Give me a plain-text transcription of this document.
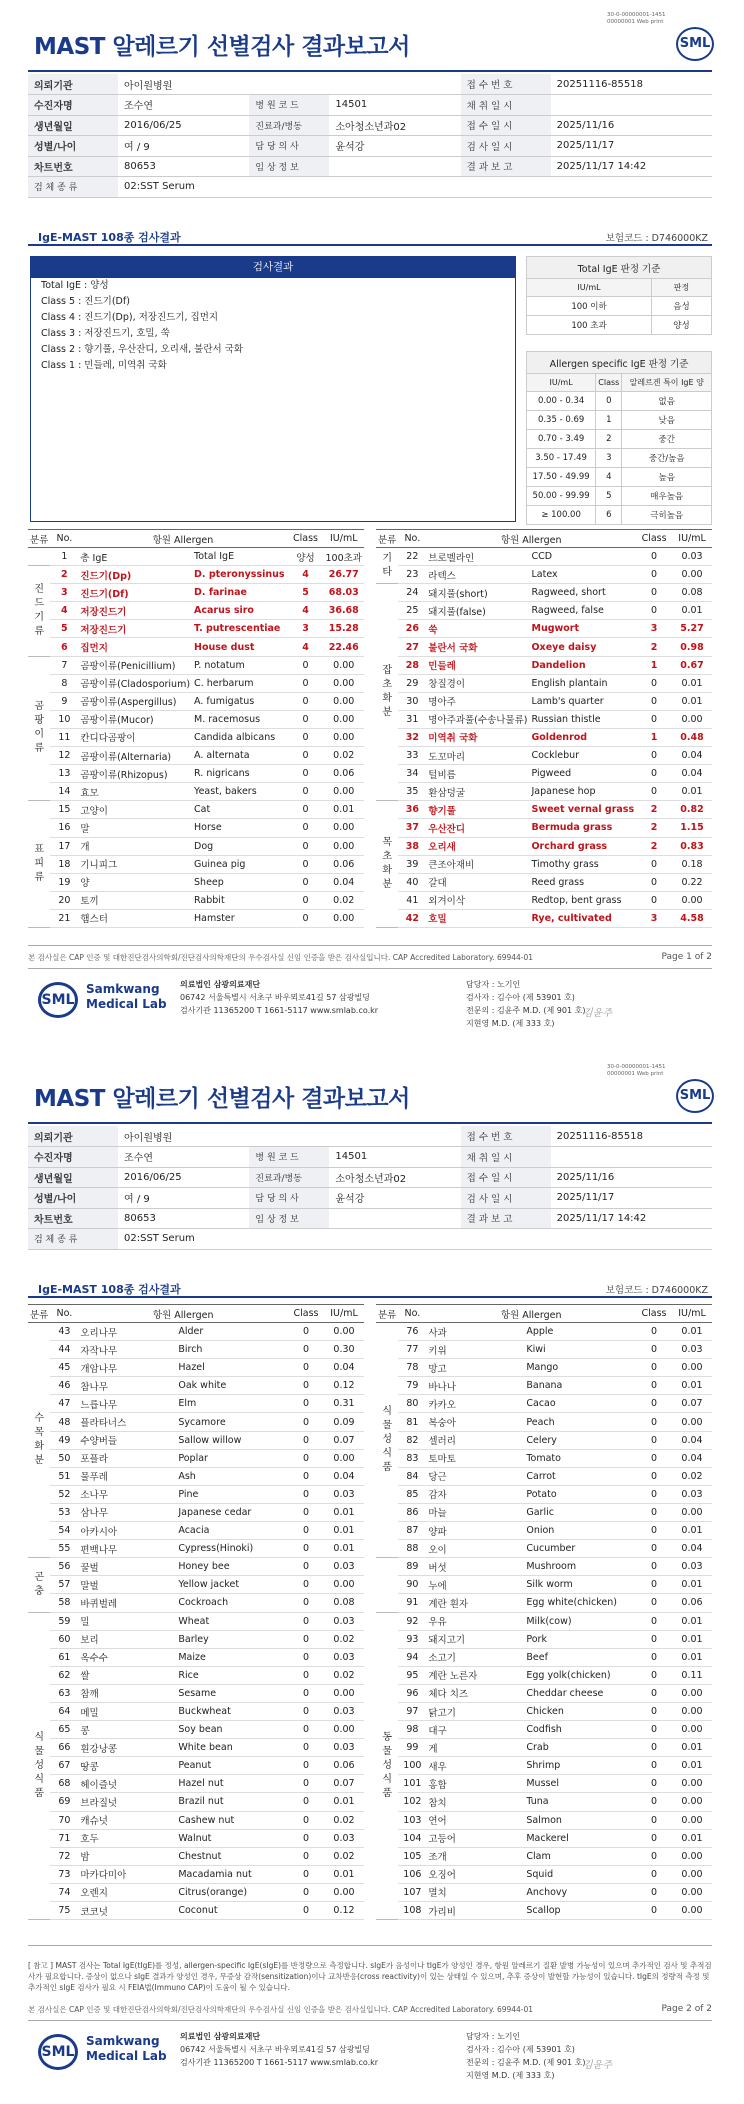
30-0-00000001-1451
00000001 Web print
MAST 알레르기 선별검사 결과보고서	SML
의뢰기관	아이원병원			접 수 번 호	20251116-85518
수진자명	조수연	병 원 코 드	14501	채 취 일 시	
생년월일	2016/06/25	진료과/병동	소아청소년과02	접 수 일 시	2025/11/16
성별/나이	여 / 9	담 당 의 사	윤석강	검 사 일 시	2025/11/17
차트번호	80653	임 상 정 보		결 과 보 고	2025/11/17 14:42
검 체 종 류	02:SST Serum				
IgE-MAST 108종 검사결과	보험코드 : D746000KZ
검사결과
Total IgE : 양성
Class 5 : 진드기(Df)
Class 4 : 진드기(Dp), 저장진드기, 집먼지
Class 3 : 저장진드기, 호밀, 쑥
Class 2 : 향기풀, 우산잔디, 오리새, 불란서 국화
Class 1 : 민들레, 미역취 국화
Total IgE 판정 기준	
IU/mL	판정
100 이하	음성
100 초과	양성
Allergen specific IgE 판정 기준		
IU/mL	Class	알레르겐 특이 IgE 양
0.00 - 0.34	0	없음
0.35 - 0.69	1	낮음
0.70 - 3.49	2	중간
3.50 - 17.49	3	중간/높음
17.50 - 49.99	4	높음
50.00 - 99.99	5	매우높음
≥ 100.00	6	극히높음
분류	No.	항원 Allergen		Class	IU/mL
	1	총 IgE	Total IgE	양성	100초과

진
드
기
류	2	진드기(Dp)	D. pteronyssinus	4	26.77
	3	진드기(Df)	D. farinae	5	68.03
	4	저장진드기	Acarus siro	4	36.68
	5	저장진드기	T. putrescentiae	3	15.28
	6	집먼지	House dust	4	22.46

곰
팡
이
류	7	곰팡이류(Penicillium)	P. notatum	0	0.00
	8	곰팡이류(Cladosporium)	C. herbarum	0	0.00
	9	곰팡이류(Aspergillus)	A. fumigatus	0	0.00
	10	곰팡이류(Mucor)	M. racemosus	0	0.00
	11	칸디다곰팡이	Candida albicans	0	0.00
	12	곰팡이류(Alternaria)	A. alternata	0	0.02
	13	곰팡이류(Rhizopus)	R. nigricans	0	0.06
	14	효모	Yeast, bakers	0	0.00

표
피
류	15	고양이	Cat	0	0.01
	16	말	Horse	0	0.00
	17	개	Dog	0	0.00
	18	기니피그	Guinea pig	0	0.06
	19	양	Sheep	0	0.04
	20	토끼	Rabbit	0	0.02
	21	햄스터	Hamster	0	0.00
분류	No.	항원 Allergen		Class	IU/mL

기
타	22	브로멜라인	CCD	0	0.03
	23	라텍스	Latex	0	0.00

잡
초
화
분	24	돼지풀(short)	Ragweed, short	0	0.08
	25	돼지풀(false)	Ragweed, false	0	0.01
	26	쑥	Mugwort	3	5.27
	27	불란서 국화	Oxeye daisy	2	0.98
	28	민들레	Dandelion	1	0.67
	29	창질경이	English plantain	0	0.01
	30	명아주	Lamb's quarter	0	0.01
	31	명아주과풀(수송나물류)	Russian thistle	0	0.00
	32	미역취 국화	Goldenrod	1	0.48
	33	도꼬마리	Cocklebur	0	0.04
	34	털비름	Pigweed	0	0.04
	35	환삼덩굴	Japanese hop	0	0.01

목
초
화
분	36	향기풀	Sweet vernal grass	2	0.82
	37	우산잔디	Bermuda grass	2	1.15
	38	오리새	Orchard grass	2	0.83
	39	큰조아재비	Timothy grass	0	0.18
	40	갈대	Reed grass	0	0.22
	41	외겨이삭	Redtop, bent grass	0	0.00
	42	호밀	Rye, cultivated	3	4.58
본 검사실은 CAP 인증 및 대한진단검사의학회/진단검사의학재단의 우수검사실 신임 인증을 받은 검사실입니다. CAP Accredited Laboratory. 69944-01	Page 1 of 2
SML
Samkwang
Medical Lab
의료법인 삼광의료재단
06742 서울특별시 서초구 바우뫼로41길 57 삼광빌딩
검사기관 11365200 T 1661-5117 www.smlab.co.kr
담당자 : 노기인
검사자 : 김수아 (제 53901 호)
전문의 : 김윤주 M.D. (제 901 호)
지현영 M.D. (제 333 호)
김윤주
30-0-00000001-1451
00000001 Web print
MAST 알레르기 선별검사 결과보고서	SML
의뢰기관	아이원병원			접 수 번 호	20251116-85518
수진자명	조수연	병 원 코 드	14501	채 취 일 시	
생년월일	2016/06/25	진료과/병동	소아청소년과02	접 수 일 시	2025/11/16
성별/나이	여 / 9	담 당 의 사	윤석강	검 사 일 시	2025/11/17
차트번호	80653	임 상 정 보		결 과 보 고	2025/11/17 14:42
검 체 종 류	02:SST Serum				
IgE-MAST 108종 검사결과	보험코드 : D746000KZ
분류	No.	항원 Allergen		Class	IU/mL

수
목
화
분	43	오리나무	Alder	0	0.00
	44	자작나무	Birch	0	0.30
	45	개암나무	Hazel	0	0.04
	46	참나무	Oak white	0	0.12
	47	느릅나무	Elm	0	0.31
	48	플라타너스	Sycamore	0	0.09
	49	수양버들	Sallow willow	0	0.07
	50	포플라	Poplar	0	0.00
	51	물푸레	Ash	0	0.04
	52	소나무	Pine	0	0.03
	53	삼나무	Japanese cedar	0	0.01
	54	아카시아	Acacia	0	0.01
	55	편백나무	Cypress(Hinoki)	0	0.01

곤
충	56	꿀벌	Honey bee	0	0.03
	57	말벌	Yellow jacket	0	0.00
	58	바퀴벌레	Cockroach	0	0.08

식
물
성
식
품	59	밀	Wheat	0	0.03
	60	보리	Barley	0	0.02
	61	옥수수	Maize	0	0.03
	62	쌀	Rice	0	0.02
	63	참깨	Sesame	0	0.00
	64	메밀	Buckwheat	0	0.03
	65	콩	Soy bean	0	0.00
	66	흰강낭콩	White bean	0	0.03
	67	땅콩	Peanut	0	0.06
	68	헤이즐넛	Hazel nut	0	0.07
	69	브라질넛	Brazil nut	0	0.01
	70	캐슈넛	Cashew nut	0	0.02
	71	호두	Walnut	0	0.03
	72	밤	Chestnut	0	0.02
	73	마카다미아	Macadamia nut	0	0.01
	74	오렌지	Citrus(orange)	0	0.00
	75	코코넛	Coconut	0	0.12
분류	No.	항원 Allergen		Class	IU/mL

식
물
성
식
품	76	사과	Apple	0	0.01
	77	키위	Kiwi	0	0.03
	78	망고	Mango	0	0.00
	79	바나나	Banana	0	0.01
	80	카카오	Cacao	0	0.07
	81	복숭아	Peach	0	0.00
	82	셀러리	Celery	0	0.04
	83	토마토	Tomato	0	0.04
	84	당근	Carrot	0	0.02
	85	감자	Potato	0	0.03
	86	마늘	Garlic	0	0.00
	87	양파	Onion	0	0.01
	88	오이	Cucumber	0	0.04
	89	버섯	Mushroom	0	0.03
	90	누에	Silk worm	0	0.01
	91	계란 흰자	Egg white(chicken)	0	0.06

동
물
성
식
품	92	우유	Milk(cow)	0	0.01
	93	돼지고기	Pork	0	0.01
	94	소고기	Beef	0	0.01
	95	계란 노른자	Egg yolk(chicken)	0	0.11
	96	체다 치즈	Cheddar cheese	0	0.00
	97	닭고기	Chicken	0	0.00
	98	대구	Codfish	0	0.00
	99	게	Crab	0	0.01
	100	새우	Shrimp	0	0.01
	101	홍합	Mussel	0	0.00
	102	참치	Tuna	0	0.00
	103	연어	Salmon	0	0.00
	104	고등어	Mackerel	0	0.01
	105	조개	Clam	0	0.00
	106	오징어	Squid	0	0.00
	107	멸치	Anchovy	0	0.00
	108	가리비	Scallop	0	0.00
본 검사실은 CAP 인증 및 대한진단검사의학회/진단검사의학재단의 우수검사실 신임 인증을 받은 검사실입니다. CAP Accredited Laboratory. 69944-01	Page 2 of 2
SML
Samkwang
Medical Lab
의료법인 삼광의료재단
06742 서울특별시 서초구 바우뫼로41길 57 삼광빌딩
검사기관 11365200 T 1661-5117 www.smlab.co.kr
담당자 : 노기인
검사자 : 김수아 (제 53901 호)
전문의 : 김윤주 M.D. (제 901 호)
지현영 M.D. (제 333 호)
김윤주
[ 참고 ] MAST 검사는 Total IgE(tIgE)를 정성, allergen-specific IgE(sIgE)를 반정량으로 측정합니다. sIgE가 음성이나 tIgE가 양성인 경우, 항원 알레르기 질환 발병 가능성이 있으며 추가적인 검사 및 추적검사가 필요합니다. 증상이 없으나 sIgE 결과가 양성인 경우, 무증상 감작(sensitization)이나 교차반응(cross reactivity)이 있는 상태일 수 있으며, 추후 증상이 발현할 가능성이 있습니다. tIgE의 정량적 측정 및 추가적인 sIgE 검사가 필요 시 FEIA법(Immuno CAP)이 도움이 될 수 있습니다.
